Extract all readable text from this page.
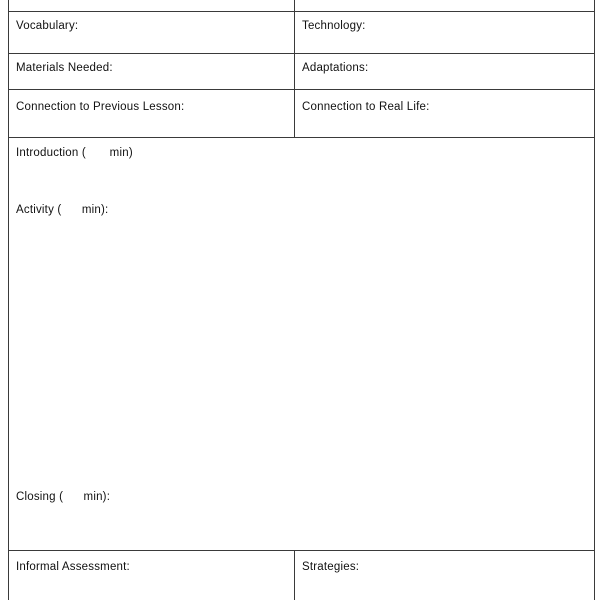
Vocabulary:	Technology:
Materials Needed:	Adaptations:
Connection to Previous Lesson:	Connection to Real Life:
Introduction (       min)
Activity (      min):
Closing (      min):
Informal Assessment:	Strategies:
